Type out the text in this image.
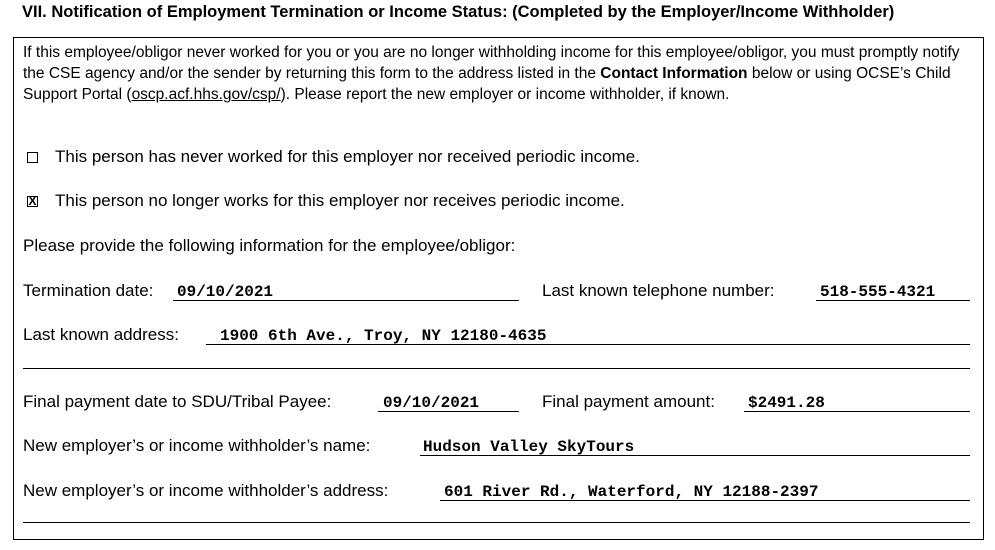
VII. Notification of Employment Termination or Income Status: (Completed by the Employer/Income Withholder)
If this employee/obligor never worked for you or you are no longer withholding income for this employee/obligor, you must promptly notify the CSE agency and/or the sender by returning this form to the address listed in the Contact Information below or using OCSE’s Child Support Portal (oscp.acf.hhs.gov/csp/). Please report the new employer or income withholder, if known.
This person has never worked for this employer nor received periodic income.
X This person no longer works for this employer nor receives periodic income.
Please provide the following information for the employee/obligor:
Termination date: 09/10/2021	Last known telephone number:	518-555-4321
Last known address:	1900 6th Ave., Troy, NY 12180-4635
Final payment date to SDU/Tribal Payee:	09/10/2021	Final payment amount: $2491.28
New employer’s or income withholder’s name:	Hudson Valley SkyTours
New employer’s or income withholder’s address:	601 River Rd., Waterford, NY 12188-2397
